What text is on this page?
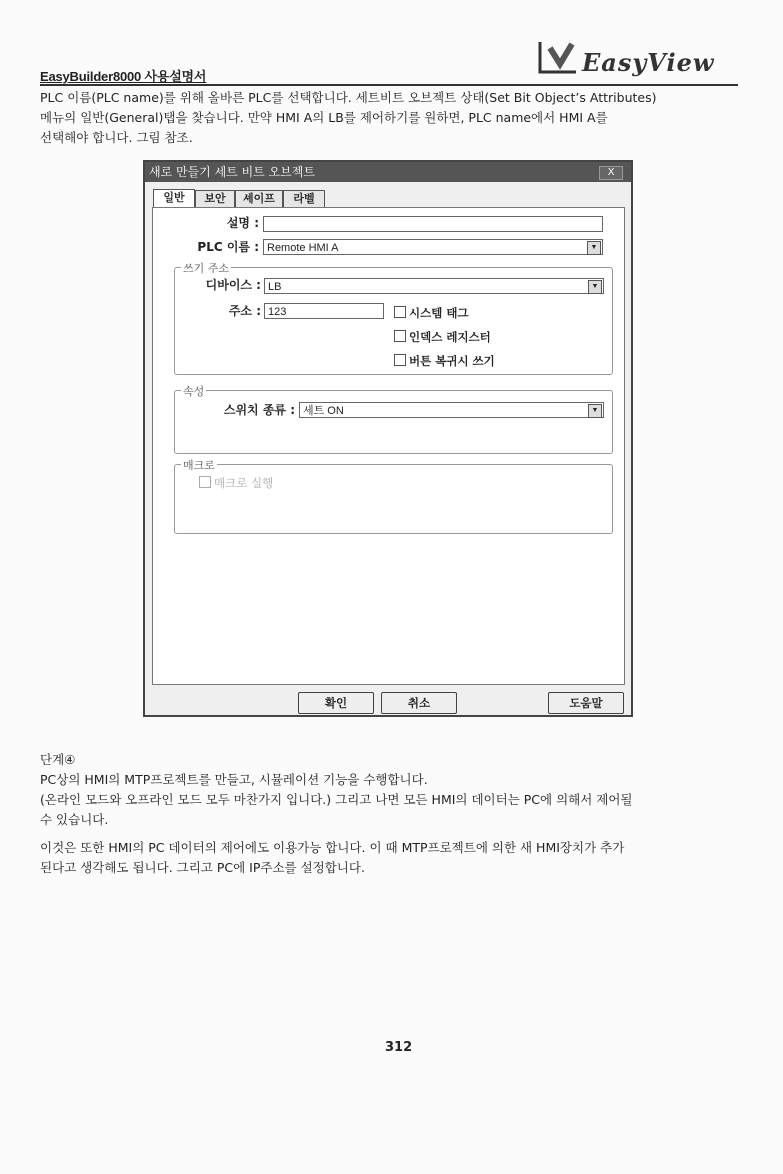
EasyBuilder8000 사용설명서	EasyView

PLC 이름(PLC name)를 위해 올바른 PLC를 선택합니다. 세트비트 오브젝트 상태(Set Bit Object’s Attributes)
메뉴의 일반(General)탭을 찾습니다. 만약 HMI A의 LB를 제어하기를 원하면, PLC name에서 HMI A를
선택해야 합니다. 그림 참조.

새로 만들기 세트 비트 오브젝트	X
일반	보안	셰이프	라벨
설명 :
PLC 이름 : Remote HMI A	▼
쓰기 주소
디바이스 : LB	▼
주소 : 123	시스템 태그
인덱스 레지스터
버튼 복귀시 쓰기
속성
스위치 종류 : 세트 ON	▼
매크로
매크로 실행
확인	취소	도움말

단계④
PC상의 HMI의 MTP프로젝트를 만들고, 시뮬레이션 기능을 수행합니다.
(온라인 모드와 오프라인 모드 모두 마찬가지 입니다.) 그리고 나면 모든 HMI의 데이터는 PC에 의해서 제어될
수 있습니다.

이것은 또한 HMI의 PC 데이터의 제어에도 이용가능 합니다. 이 때 MTP프로젝트에 의한 새 HMI장치가 추가
된다고 생각해도 됩니다. 그리고 PC에 IP주소를 설정합니다.

312
